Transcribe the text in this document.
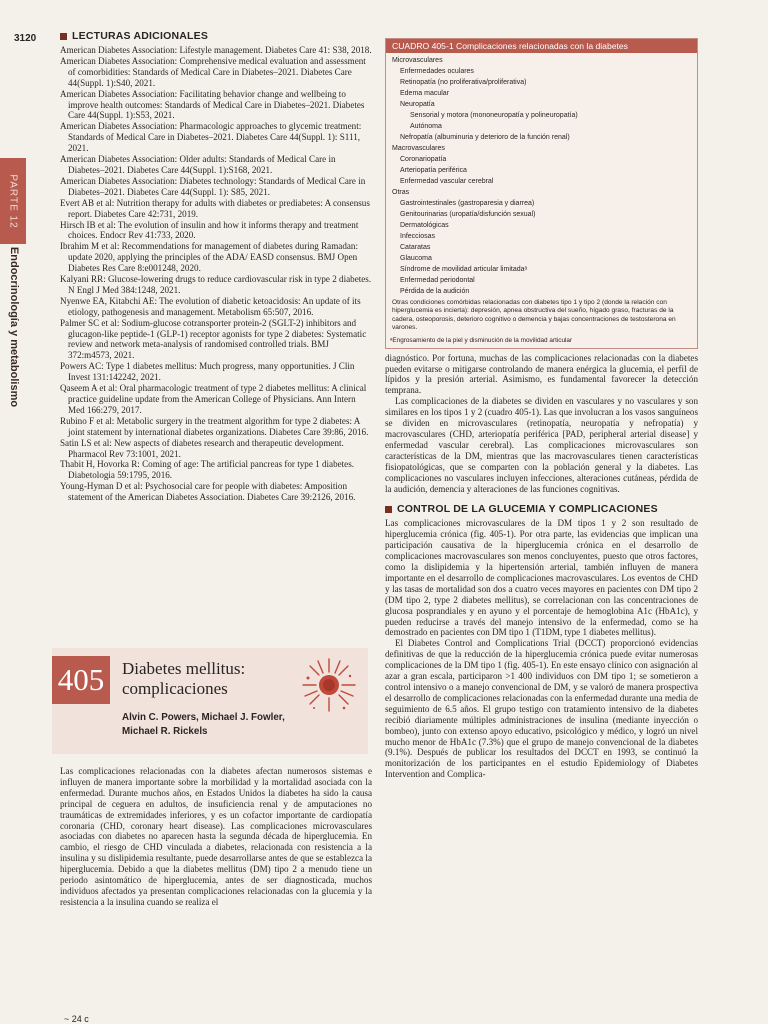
3120
PARTE 12
Endocrinología y metabolismo
LECTURAS ADICIONALES

American Diabetes Association: Lifestyle management. Diabetes Care 41: S38, 2018.

American Diabetes Association: Comprehensive medical evaluation and assessment of comorbidities: Standards of Medical Care in Diabetes–2021. Diabetes Care 44(Suppl. 1):S40, 2021.

American Diabetes Association: Facilitating behavior change and wellbeing to improve health outcomes: Standards of Medical Care in Diabetes–2021. Diabetes Care 44(Suppl. 1):S53, 2021.

American Diabetes Association: Pharmacologic approaches to glycemic treatment: Standards of Medical Care in Diabetes–2021. Diabetes Care 44(Suppl. 1): S111, 2021.

American Diabetes Association: Older adults: Standards of Medical Care in Diabetes–2021. Diabetes Care 44(Suppl. 1):S168, 2021.

American Diabetes Association: Diabetes technology: Standards of Medical Care in Diabetes–2021. Diabetes Care 44(Suppl. 1): S85, 2021.

Evert AB et al: Nutrition therapy for adults with diabetes or prediabetes: A consensus report. Diabetes Care 42:731, 2019.

Hirsch IB et al: The evolution of insulin and how it informs therapy and treatment choices. Endocr Rev 41:733, 2020.

Ibrahim M et al: Recommendations for management of diabetes during Ramadan: update 2020, applying the principles of the ADA/ EASD consensus. BMJ Open Diabetes Res Care 8:e001248, 2020.

Kalyani RR: Glucose-lowering drugs to reduce cardiovascular risk in type 2 diabetes. N Engl J Med 384:1248, 2021.

Nyenwe EA, Kitabchi AE: The evolution of diabetic ketoacidosis: An update of its etiology, pathogenesis and management. Metabolism 65:507, 2016.

Palmer SC et al: Sodium-glucose cotransporter protein-2 (SGLT-2) inhibitors and glucagon-like peptide-1 (GLP-1) receptor agonists for type 2 diabetes: Systematic review and network meta-analysis of randomised controlled trials. BMJ 372:m4573, 2021.

Powers AC: Type 1 diabetes mellitus: Much progress, many opportunities. J Clin Invest 131:142242, 2021.

Qaseem A et al: Oral pharmacologic treatment of type 2 diabetes mellitus: A clinical practice guideline update from the American College of Physicians. Ann Intern Med 166:279, 2017.

Rubino F et al: Metabolic surgery in the treatment algorithm for type 2 diabetes: A joint statement by international diabetes organizations. Diabetes Care 39:86, 2016.

Satin LS et al: New aspects of diabetes research and therapeutic development. Pharmacol Rev 73:1001, 2021.

Thabit H, Hovorka R: Coming of age: The artificial pancreas for type 1 diabetes. Diabetologia 59:1795, 2016.

Young-Hyman D et al: Psychosocial care for people with diabetes: Amposition statement of the American Diabetes Association. Diabetes Care 39:2126, 2016.

405	Diabetes mellitus:
complicaciones
Alvin C. Powers, Michael J. Fowler,
Michael R. Rickels

Las complicaciones relacionadas con la diabetes afectan numerosos sistemas e influyen de manera importante sobre la morbilidad y la mortalidad asociada con la enfermedad. Durante muchos años, en Estados Unidos la diabetes ha sido la causa principal de ceguera en adultos, de insuficiencia renal y de amputaciones no traumáticas de extremidades inferiores, y es un cofactor importante de cardiopatía coronaria (CHD, coronary heart disease). Las complicaciones microvasculares asociadas con diabetes no aparecen hasta la segunda década de hiperglucemia. En cambio, el riesgo de CHD vinculada a diabetes, relacionada con resistencia a la insulina y su dislipidemia resultante, puede desarrollarse antes de que se establezca la hiperglucemia. Debido a que la diabetes mellitus (DM) tipo 2 a menudo tiene un periodo asintomático de hiperglucemia, antes de ser diagnosticada, muchos individuos afectados ya presentan complicaciones relacionadas con la glucemia y la resistencia a la insulina cuando se realiza el

CUADRO 405-1 Complicaciones relacionadas con la diabetes
Microvasculares
Enfermedades oculares
Retinopatía (no proliferativa/proliferativa)
Edema macular
Neuropatía
Sensorial y motora (mononeuropatía y polineuropatía)
Autónoma
Nefropatía (albuminuria y deterioro de la función renal)
Macrovasculares
Coronariopatía
Arteriopatía periférica
Enfermedad vascular cerebral
Otras
Gastrointestinales (gastroparesia y diarrea)
Genitourinarias (uropatía/disfunción sexual)
Dermatológicas
Infecciosas
Cataratas
Glaucoma
Síndrome de movilidad articular limitadaᵃ
Enfermedad periodontal
Pérdida de la audición
Otras condiciones comórbidas relacionadas con diabetes tipo 1 y tipo 2 (donde la relación con hiperglucemia es incierta): depresión, apnea obstructiva del sueño, hígado graso, fracturas de la cadera, osteoporosis, deterioro cognitivo o demencia y bajas concentraciones de testosterona en varones.
ᵃEngrosamiento de la piel y disminución de la movilidad articular

diagnóstico. Por fortuna, muchas de las complicaciones relacionadas con la diabetes pueden evitarse o mitigarse controlando de manera enérgica la glucemia, el perfil de lípidos y la presión arterial. Asimismo, es fundamental favorecer la detección temprana.

Las complicaciones de la diabetes se dividen en vasculares y no vasculares y son similares en los tipos 1 y 2 (cuadro 405-1). Las que involucran a los vasos sanguíneos se dividen en microvasculares (retinopatía, neuropatía y nefropatía) y macrovasculares (CHD, arteriopatía periférica [PAD, peripheral arterial disease] y enfermedad vascular cerebral). Las complicaciones microvasculares son características de la DM, mientras que las macrovasculares tienen características fisiopatológicas, que se comparten con la población general y la diabetes. Las complicaciones no vasculares incluyen infecciones, alteraciones cutáneas, pérdida de la audición, demencia y alteraciones de las funciones cognitivas.

CONTROL DE LA GLUCEMIA Y COMPLICACIONES

Las complicaciones microvasculares de la DM tipos 1 y 2 son resultado de hiperglucemia crónica (fig. 405-1). Por otra parte, las evidencias que implican una participación causativa de la hiperglucemia crónica en el desarrollo de complicaciones macrovasculares son menos concluyentes, puesto que otros factores, como la dislipidemia y la hipertensión arterial, también influyen de manera importante en el desarrollo de complicaciones macrovasculares. Los eventos de CHD y las tasas de mortalidad son dos a cuatro veces mayores en pacientes con DM tipo 2 (DM tipo 2, type 2 diabetes mellitus), se correlacionan con las concentraciones de glucosa posprandiales y en ayuno y el porcentaje de hemoglobina A1c (HbA1c), y pueden reducirse a través del manejo intensivo de la enfermedad, como se ha demostrado en pacientes con DM tipo 1 (T1DM, type 1 diabetes mellitus).

El Diabetes Control and Complications Trial (DCCT) proporcionó evidencias definitivas de que la reducción de la hiperglucemia crónica puede evitar numerosas complicaciones de la DM tipo 1 (fig. 405-1). En este ensayo clínico con asignación al azar a gran escala, participaron >1 400 individuos con DM tipo 1; se sometieron a control intensivo o a manejo convencional de DM, y se valoró de manera prospectiva el desarrollo de complicaciones relacionadas con la enfermedad durante una media de seguimiento de 6.5 años. El grupo testigo con tratamiento intensivo de la diabetes recibió diariamente múltiples administraciones de insulina (mediante inyección o bombeo), junto con extenso apoyo educativo, psicológico y médico, y logró un nivel mucho menor de HbA1c (7.3%) que el grupo de manejo convencional de la diabetes (9.1%). Después de publicar los resultados del DCCT en 1993, se continuó la monitorización de los participantes en el estudio Epidemiology of Diabetes Intervention and Complica-

~ 24 c
